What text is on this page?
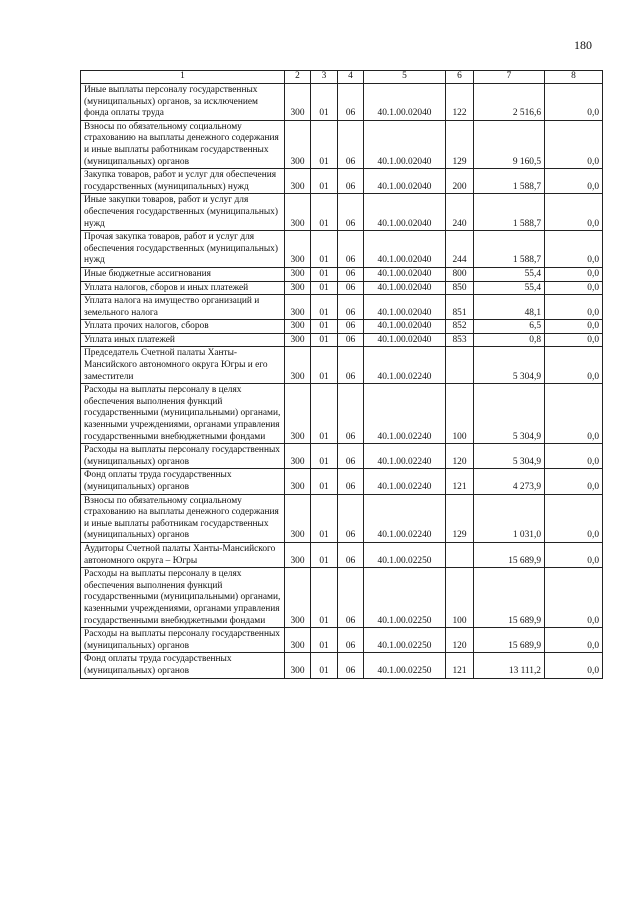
180
1	2	3	4	5	6	7	8
Иные выплаты персоналу государственных (муниципальных) органов, за исключением фонда оплаты труда	300	01	06	40.1.00.02040	122	2 516,6	0,0
Взносы по обязательному социальному страхованию на выплаты денежного содержания и иные выплаты работникам государственных (муниципальных) органов	300	01	06	40.1.00.02040	129	9 160,5	0,0
Закупка товаров, работ и услуг для обеспечения государственных (муниципальных) нужд	300	01	06	40.1.00.02040	200	1 588,7	0,0
Иные закупки товаров, работ и услуг для обеспечения государственных (муниципальных) нужд	300	01	06	40.1.00.02040	240	1 588,7	0,0
Прочая закупка товаров, работ и услуг для обеспечения государственных (муниципальных) нужд	300	01	06	40.1.00.02040	244	1 588,7	0,0
Иные бюджетные ассигнования	300	01	06	40.1.00.02040	800	55,4	0,0
Уплата налогов, сборов и иных платежей	300	01	06	40.1.00.02040	850	55,4	0,0
Уплата налога на имущество организаций и земельного налога	300	01	06	40.1.00.02040	851	48,1	0,0
Уплата прочих налогов, сборов	300	01	06	40.1.00.02040	852	6,5	0,0
Уплата иных платежей	300	01	06	40.1.00.02040	853	0,8	0,0
Председатель Счетной палаты Ханты-Мансийского автономного округа Югры и его заместители	300	01	06	40.1.00.02240		5 304,9	0,0
Расходы на выплаты персоналу в целях обеспечения выполнения функций государственными (муниципальными) органами, казенными учреждениями, органами управления государственными внебюджетными фондами	300	01	06	40.1.00.02240	100	5 304,9	0,0
Расходы на выплаты персоналу государственных (муниципальных) органов	300	01	06	40.1.00.02240	120	5 304,9	0,0
Фонд оплаты труда государственных (муниципальных) органов	300	01	06	40.1.00.02240	121	4 273,9	0,0
Взносы по обязательному социальному страхованию на выплаты денежного содержания и иные выплаты работникам государственных (муниципальных) органов	300	01	06	40.1.00.02240	129	1 031,0	0,0
Аудиторы Счетной палаты Ханты-Мансийского автономного округа – Югры	300	01	06	40.1.00.02250		15 689,9	0,0
Расходы на выплаты персоналу в целях обеспечения выполнения функций государственными (муниципальными) органами, казенными учреждениями, органами управления государственными внебюджетными фондами	300	01	06	40.1.00.02250	100	15 689,9	0,0
Расходы на выплаты персоналу государственных (муниципальных) органов	300	01	06	40.1.00.02250	120	15 689,9	0,0
Фонд оплаты труда государственных (муниципальных) органов	300	01	06	40.1.00.02250	121	13 111,2	0,0
